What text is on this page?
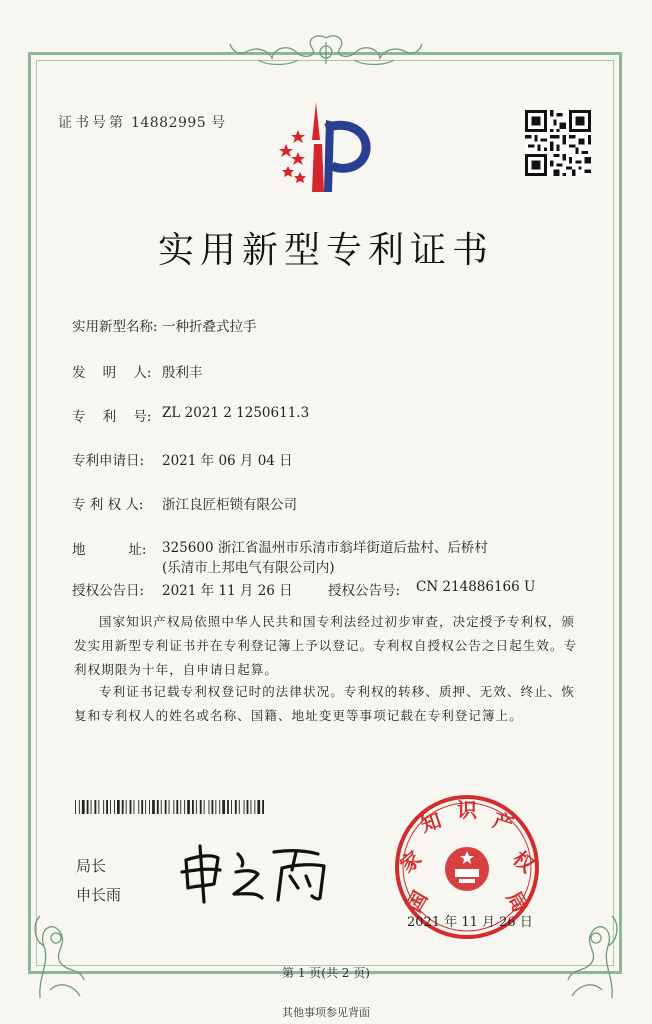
证书号第 14882995 号
实用新型专利证书
实用新型名称: 一种折叠式拉手
发    明    人: 殷利丰
专    利    号: ZL 2021 2 1250611.3
专利申请日: 2021 年 06 月 04 日
专 利 权 人: 浙江良匠柜锁有限公司
地          址: 325600 浙江省温州市乐清市翁垟街道后盐村、后桥村(乐清市上邦电气有限公司内)
授权公告日: 2021 年 11 月 26 日	授权公告号: CN 214886166 U
国家知识产权局依照中华人民共和国专利法经过初步审查，决定授予专利权，颁发实用新型专利证书并在专利登记簿上予以登记。专利权自授权公告之日起生效。专利权期限为十年，自申请日起算。
专利证书记载专利权登记时的法律状况。专利权的转移、质押、无效、终止、恢复和专利权人的姓名或名称、国籍、地址变更等事项记载在专利登记簿上。
局长
申长雨	国
家
知 识 产
权
局
2021 年 11 月 26 日
第 1 页(共 2 页)
其他事项参见背面
